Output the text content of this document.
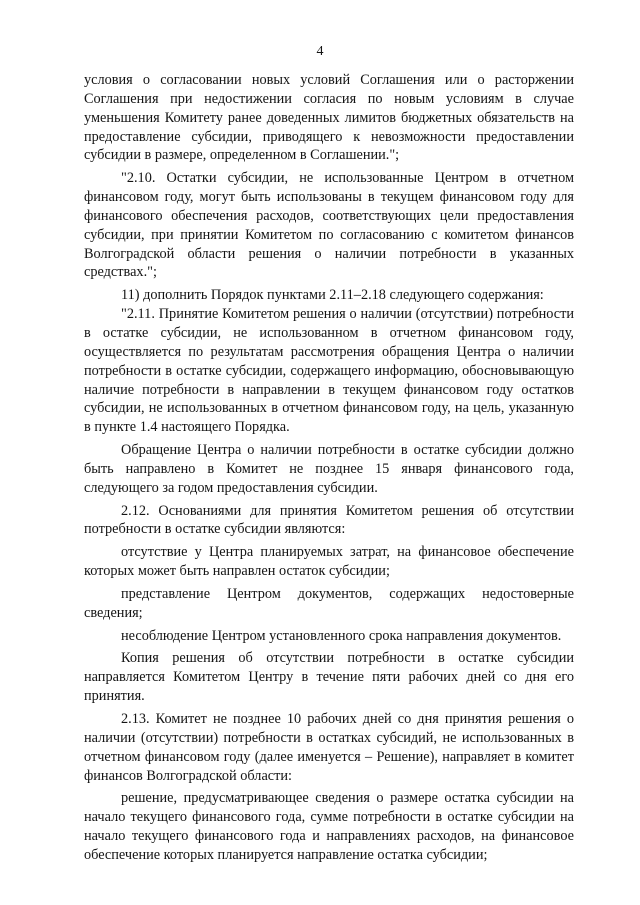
4

условия о согласовании новых условий Соглашения или о расторжении Соглашения при недостижении согласия по новым условиям в случае уменьшения Комитету ранее доведенных лимитов бюджетных обязательств на предоставление субсидии, приводящего к невозможности предоставлении субсидии в размере, определенном в Соглашении.";

"2.10. Остатки субсидии, не использованные Центром в отчетном финансовом году, могут быть использованы в текущем финансовом году для финансового обеспечения расходов, соответствующих цели предоставления субсидии, при принятии Комитетом по согласованию с комитетом финансов Волгоградской области решения о наличии потребности в указанных средствах.";

11) дополнить Порядок пунктами 2.11–2.18 следующего содержания:

"2.11. Принятие Комитетом решения о наличии (отсутствии) потребности в остатке субсидии, не использованном в отчетном финансовом году, осуществляется по результатам рассмотрения обращения Центра о наличии потребности в остатке субсидии, содержащего информацию, обосновывающую наличие потребности в направлении в текущем финансовом году остатков субсидии, не использованных в отчетном финансовом году, на цель, указанную в пункте 1.4 настоящего Порядка.

Обращение Центра о наличии потребности в остатке субсидии должно быть направлено в Комитет не позднее 15 января финансового года, следующего за годом предоставления субсидии.

2.12. Основаниями для принятия Комитетом решения об отсутствии потребности в остатке субсидии являются:

отсутствие у Центра планируемых затрат, на финансовое обеспечение которых может быть направлен остаток субсидии;

представление Центром документов, содержащих недостоверные сведения;

несоблюдение Центром установленного срока направления документов.

Копия решения об отсутствии потребности в остатке субсидии направляется Комитетом Центру в течение пяти рабочих дней со дня его принятия.

2.13. Комитет не позднее 10 рабочих дней со дня принятия решения о наличии (отсутствии) потребности в остатках субсидий, не использованных в отчетном финансовом году (далее именуется – Решение), направляет в комитет финансов Волгоградской области:

решение, предусматривающее сведения о размере остатка субсидии на начало текущего финансового года, сумме потребности в остатке субсидии на начало текущего финансового года и направлениях расходов, на финансовое обеспечение которых планируется направление остатка субсидии;
